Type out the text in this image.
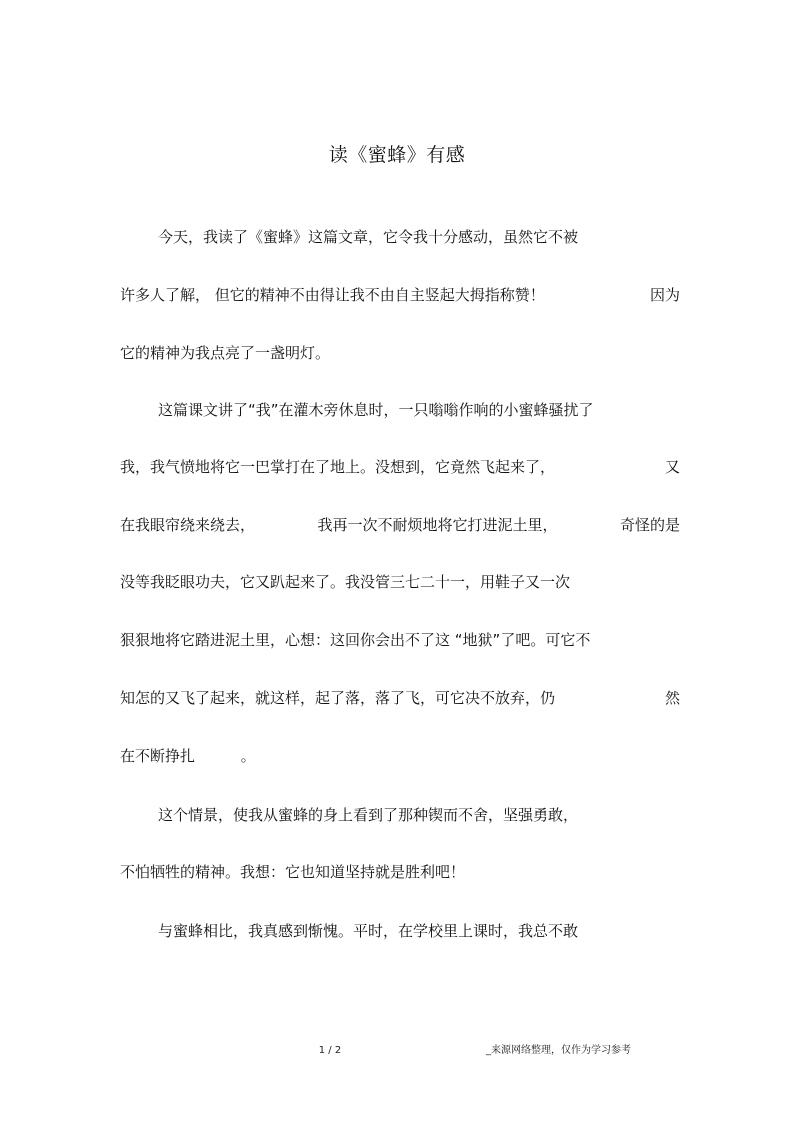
读《蜜蜂》有感
今天，我读了《蜜蜂》这篇文章，它令我十分感动，虽然它不被
许多人了解， 但它的精神不由得让我不由自主竖起大拇指称赞！	因为
它的精神为我点亮了一盏明灯。
这篇课文讲了“我”在灌木旁休息时，一只嗡嗡作响的小蜜蜂骚扰了
我，我气愤地将它一巴掌打在了地上。没想到，它竟然飞起来了，	又
在我眼帘绕来绕去，	我再一次不耐烦地将它打进泥土里，	奇怪的是
没等我眨眼功夫，它又趴起来了。我没管三七二十一，用鞋子又一次
狠狠地将它踏进泥土里，心想：这回你会出不了这 “地狱”了吧。可它不
知怎的又飞了起来，就这样，起了落，落了飞，可它决不放弃，仍	然
在不断挣扎	。
这个情景，使我从蜜蜂的身上看到了那种锲而不舍，坚强勇敢，
不怕牺牲的精神。我想：它也知道坚持就是胜利吧！
与蜜蜂相比，我真感到惭愧。平时，在学校里上课时，我总不敢
1 / 2	_来源网络整理，仅作为学习参考
